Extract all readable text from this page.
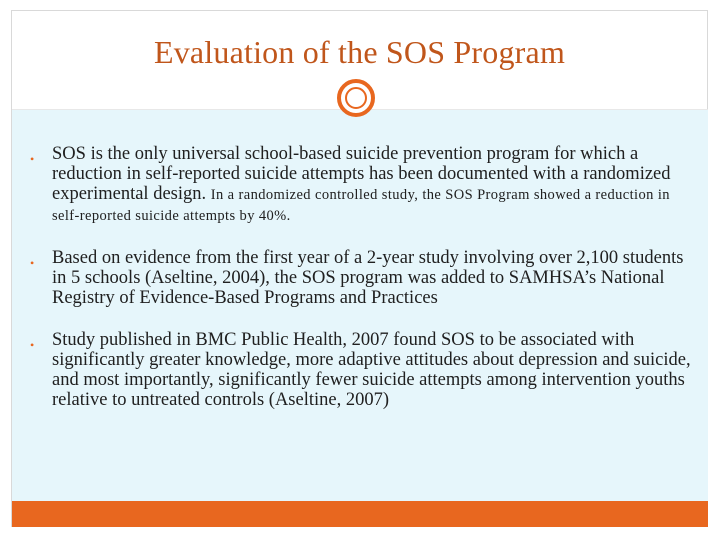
Evaluation of the SOS Program
• SOS is the only universal school-based suicide prevention program for which a reduction in self-reported suicide attempts has been documented with a randomized experimental design. In a randomized controlled study, the SOS Program showed a reduction in self-reported suicide attempts by 40%.
• Based on evidence from the first year of a 2-year study involving over 2,100 students in 5 schools (Aseltine, 2004), the SOS program was added to SAMHSA’s National Registry of Evidence-Based Programs and Practices
• Study published in BMC Public Health, 2007 found SOS to be associated with significantly greater knowledge, more adaptive attitudes about depression and suicide, and most importantly, significantly fewer suicide attempts among intervention youths relative to untreated controls (Aseltine, 2007)
